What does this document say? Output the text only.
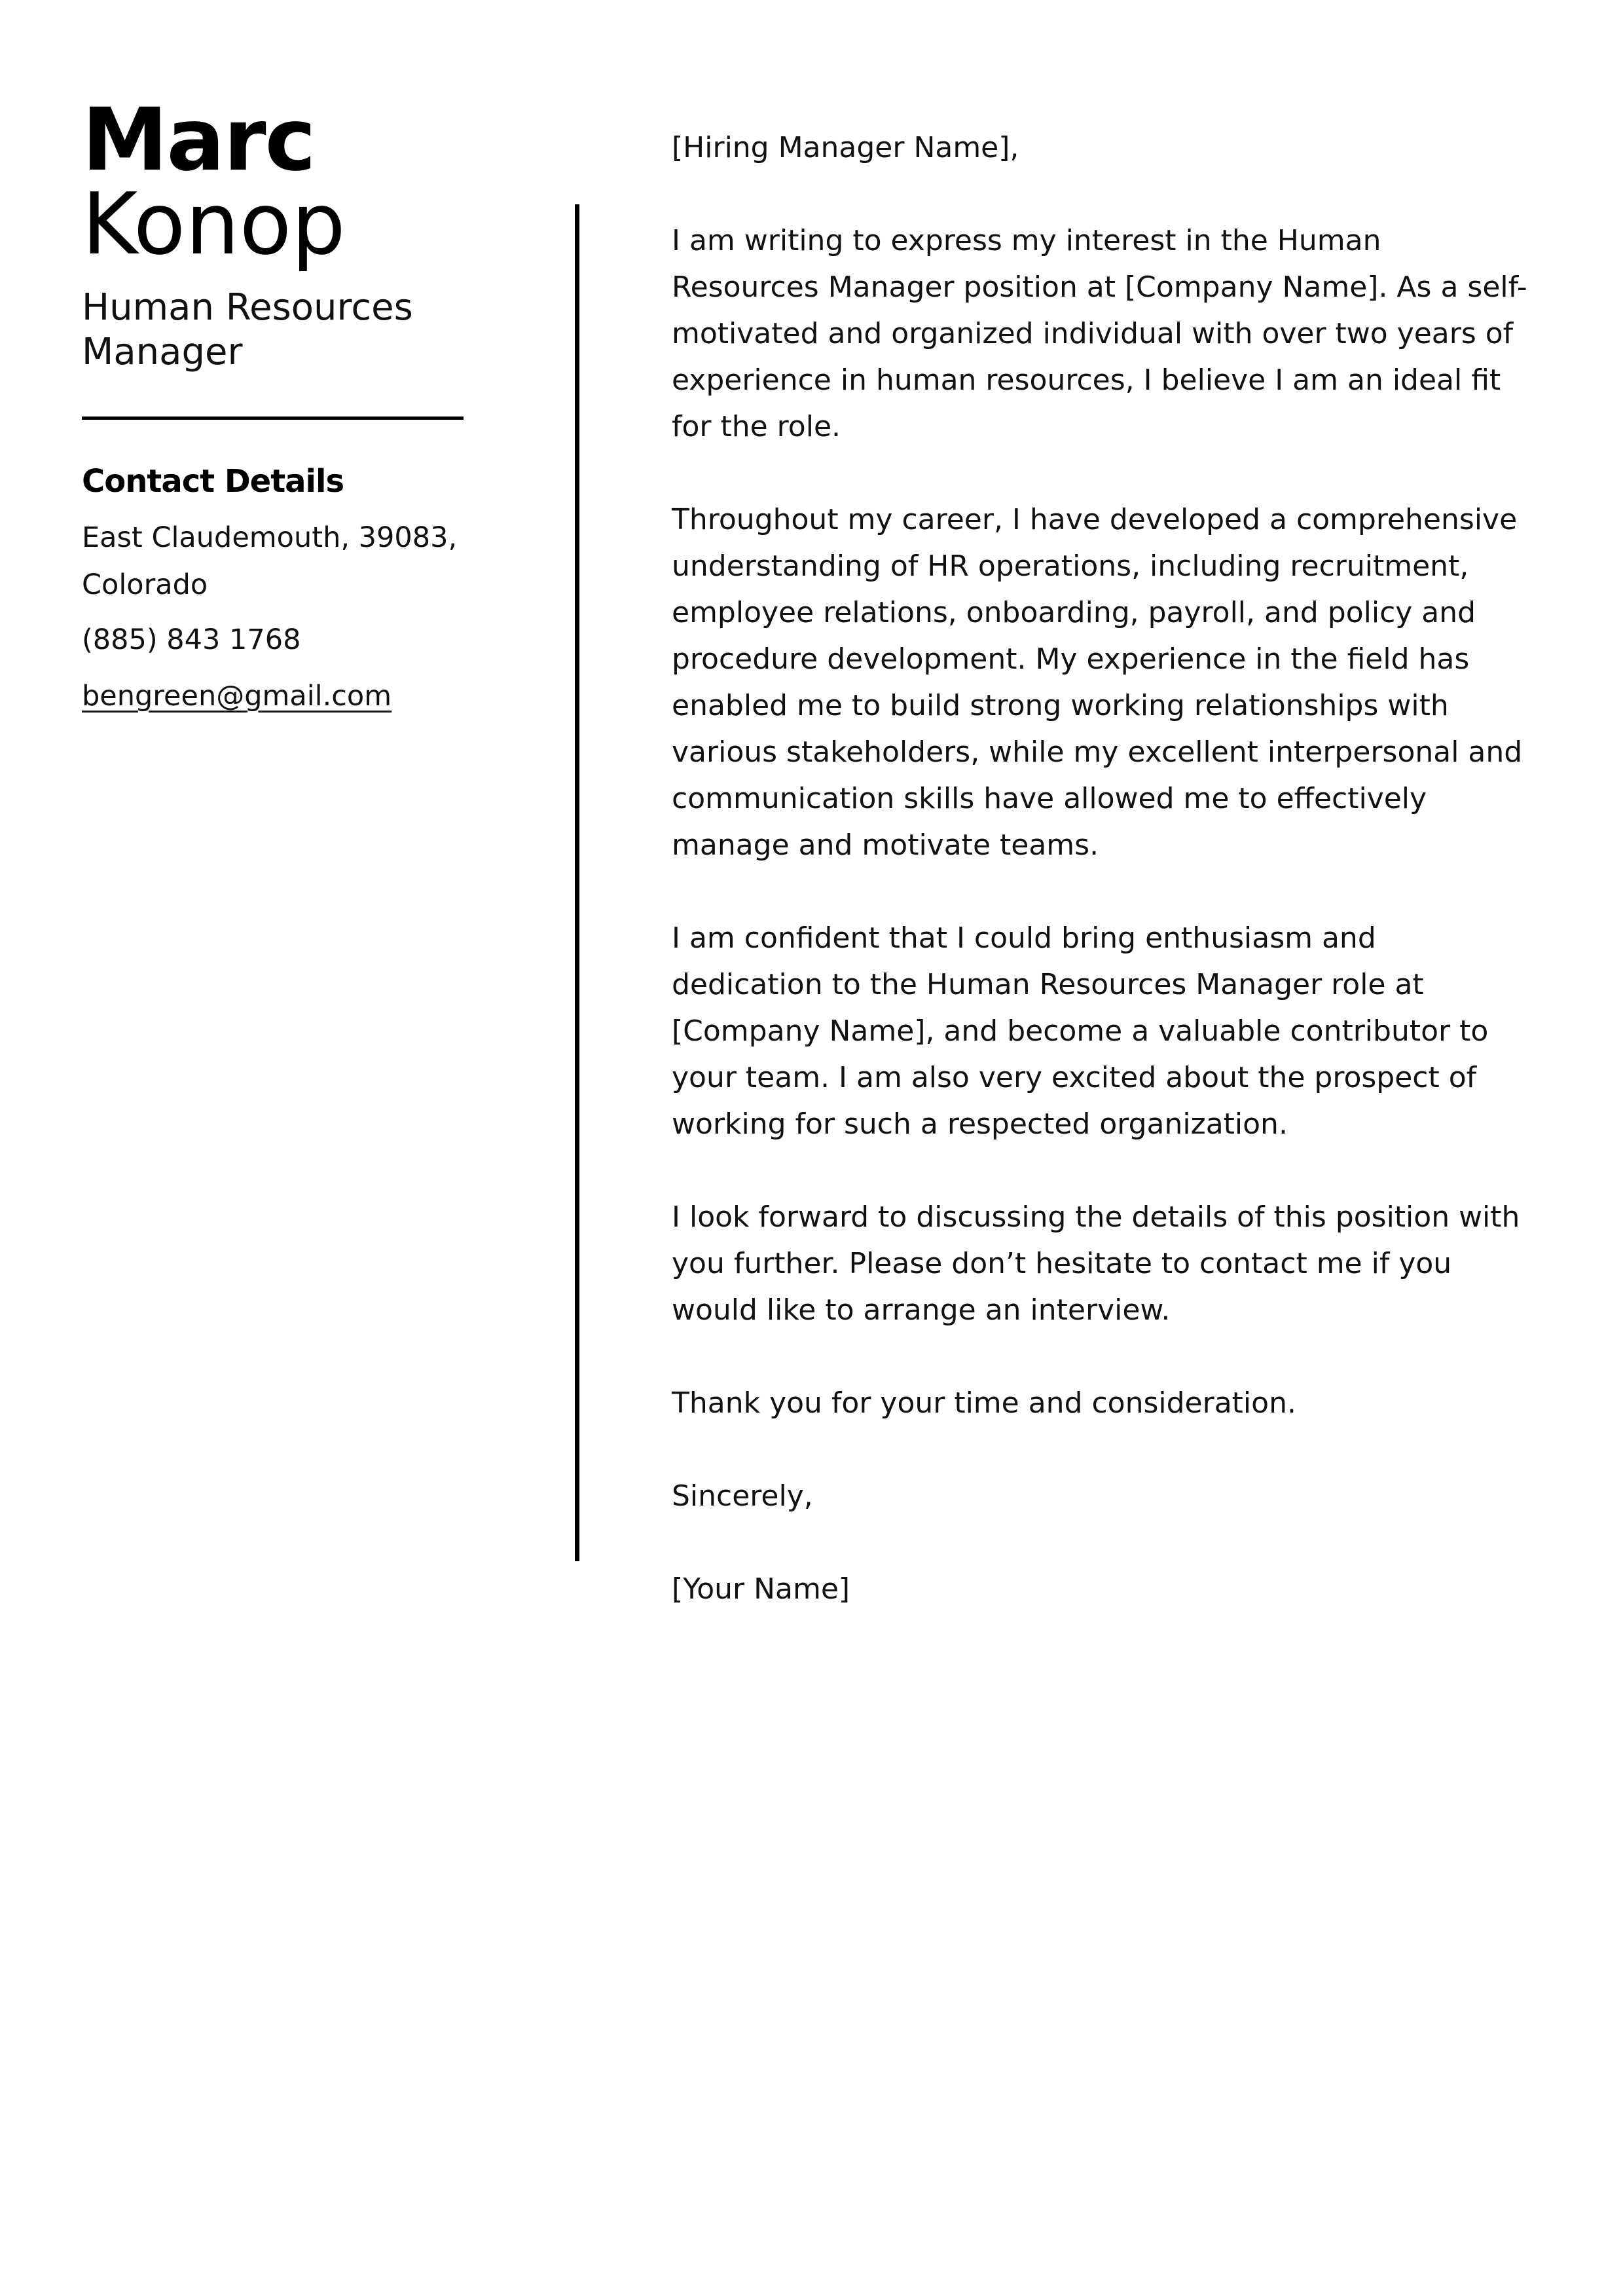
Marc
Konop
Human Resources Manager
Contact Details
East Claudemouth, 39083, Colorado
(885) 843 1768
bengreen@gmail.com

[Hiring Manager Name],

I am writing to express my interest in the Human Resources Manager position at [Company Name]. As a self-motivated and organized individual with over two years of experience in human resources, I believe I am an ideal fit for the role.

Throughout my career, I have developed a comprehensive understanding of HR operations, including recruitment, employee relations, onboarding, payroll, and policy and procedure development. My experience in the field has enabled me to build strong working relationships with various stakeholders, while my excellent interpersonal and communication skills have allowed me to effectively manage and motivate teams.

I am confident that I could bring enthusiasm and dedication to the Human Resources Manager role at [Company Name], and become a valuable contributor to your team. I am also very excited about the prospect of working for such a respected organization.

I look forward to discussing the details of this position with you further. Please don’t hesitate to contact me if you would like to arrange an interview.

Thank you for your time and consideration.

Sincerely,

[Your Name]
